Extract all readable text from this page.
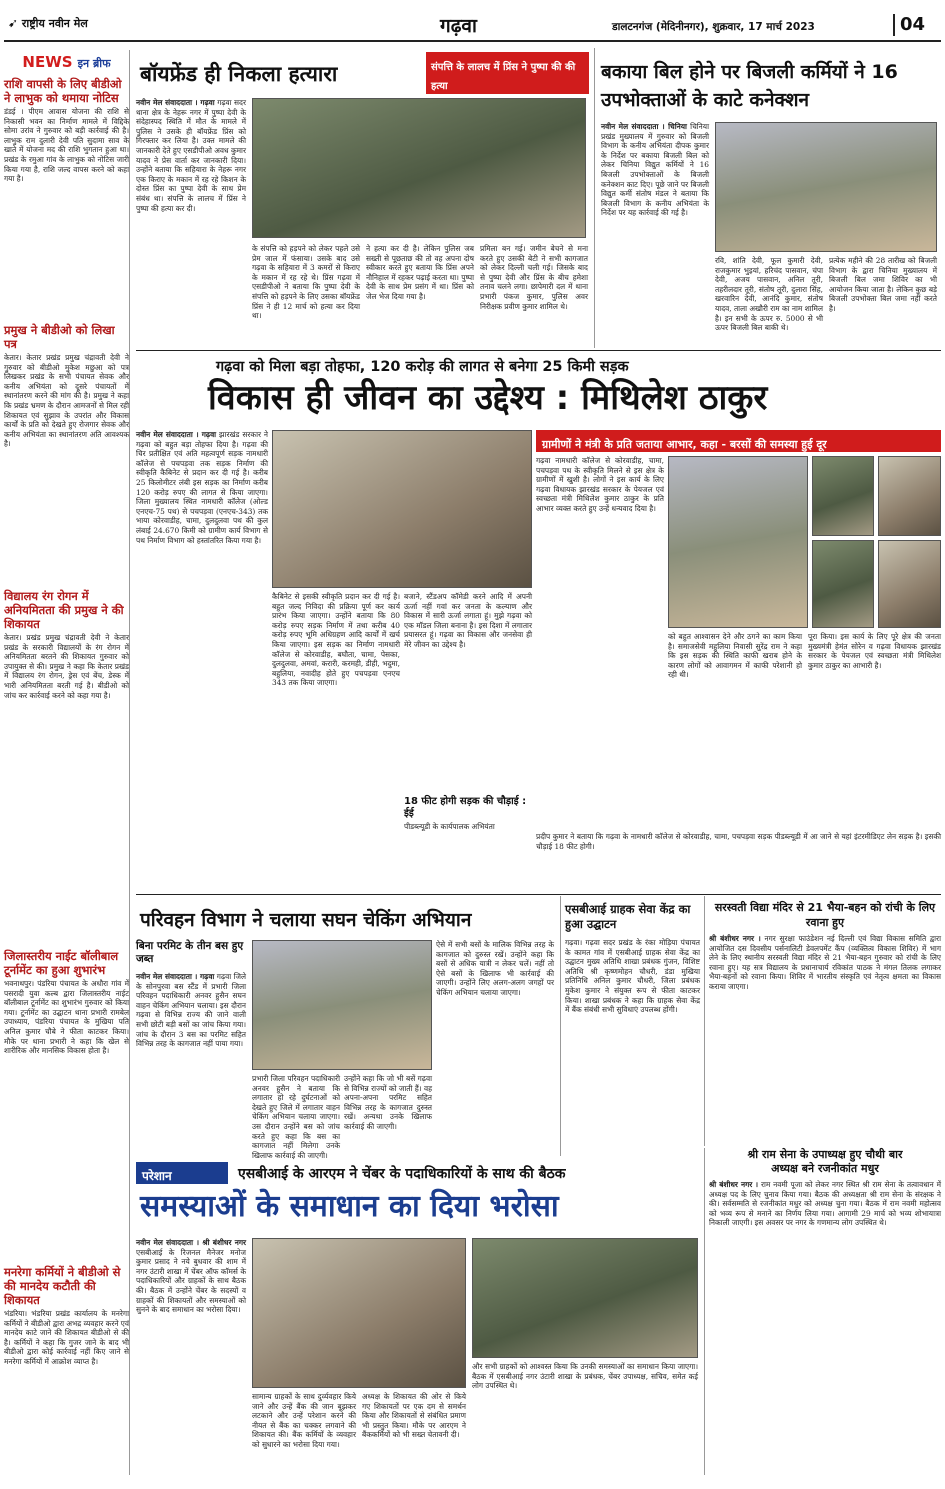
➹ राष्ट्रीय नवीन मेल	गढ़वा	डालटनगंज (मेदिनीनगर), शुक्रवार, 17 मार्च 2023	04
NEWS इन ब्रीफ
राशि वापसी के लिए बीडीओ ने लाभुक को थमाया नोटिस
डंडई । पीएम आवास योजना की राशि से निकासी भवन का निर्माण मामले में विद्दिके सोमा उरांव ने गुरुवार को बड़ी कार्रवाई की है। लाभुक राम दुलारी देवी पति सुदामा साव के खाते में योजना मद की राशि भुगतान हुआ था। प्रखंड के रमुआ गांव के लाभुक को नोटिस जारी किया गया है, राशि जल्द वापस करने को कहा गया है।
प्रमुख ने बीडीओ को लिखा पत्र
केतार। केतार प्रखंड प्रमुख चंद्रावती देवी ने गुरुवार को बीडीओ मुकेश मछुआ को पत्र लिखकर प्रखंड के सभी पंचायत सेवक और कनीय अभियंता को दूसरे पंचायतों में स्थानांतरण करने की मांग की है। प्रमुख ने कहा कि प्रखंड भ्रमण के दौरान आमजनों से मिल रही शिकायत एवं सुझाव के उपरांत और विकास कार्यों के प्रति को देखते हुए रोजगार सेवक और कनीय अभियंता का स्थानांतरण अति आवश्यक है।
विद्यालय रंग रोगन में अनियमितता की प्रमुख ने की शिकायत
केतार। प्रखंड प्रमुख चंद्रावती देवी ने केतार प्रखंड के सरकारी विद्यालयों के रंग रोगन में अनियमितता बरतने की शिकायत गुरुवार को उपायुक्त से की। प्रमुख ने कहा कि केतार प्रखंड में विद्यालय रंग रोगन, ड्रेस एवं बेंच, डेस्क में भारी अनियमितता बरती गई है। बीडीओ को जांच कर कार्रवाई करने को कहा गया है।
जिलास्तरीय नाईट बॉलीबाल टूर्नामेंट का हुआ शुभारंभ
भवनाथपुर। पंडरिया पंचायत के अधौरा गांव में पसरादी युवा कल्ब द्वारा जिलास्तरीय नाईट बॉलीबाल टूर्नामेंट का शुभारंभ गुरुवार को किया गया। टूर्नामेंट का उद्घाटन थाना प्रभारी रामबेल उपाध्याय, पंडरिया पंचायत के मुखिया पति अनिल कुमार चौबे ने फीता काटकर किया। मौके पर थाना प्रभारी ने कहा कि खेल से शारीरिक और मानसिक विकास होता है।
मनरेगा कर्मियों ने बीडीओ से की मानदेय कटौती की शिकायत
भंडरिया। भंडरिया प्रखंड कार्यालय के मनरेगा कर्मियों ने बीडीओ द्वारा अभद्र व्यवहार करने एवं मानदेय काटे जाने की शिकायत बीडीओ से की है। कर्मियों ने कहा कि गुजर जाने के बाद भी बीडीओ द्वारा कोई कार्रवाई नहीं किए जाने से मनरेगा कर्मियों में आक्रोश व्याप्त है।
बॉयफ्रेंड ही निकला हत्यारा	संपत्ति के लालच में प्रिंस ने पुष्पा की की हत्या
नवीन मेल संवाददाता । गढ़वा गढ़वा सदर थाना क्षेत्र के नेहरू नगर में पुष्पा देवी के संदेहास्पद स्थिति में मौत के मामले में पुलिस ने उसके ही बॉयफ्रेंड प्रिंस को गिरफ्तार कर लिया है। उक्त मामले की जानकारी देते हुए एसडीपीओ अवध कुमार यादव ने प्रेस वार्ता कर जानकारी दिया। उन्होंने बताया कि सहियारा के नेहरू नगर एक किराए के मकान में रह रहे किशन के दोस्त प्रिंस का पुष्पा देवी के साथ प्रेम संबंध था। संपत्ति के लालच में प्रिंस ने पुष्पा की हत्या कर दी।
के संपत्ति को हड़पने को लेकर पहले उसे प्रेम जाल में फंसाया। उसके बाद उसे गढ़वा के सहियारा में 3 कमरों से किराए के मकान में रह रहे थे। प्रिंस गढ़वा में एसडीपीओ ने बताया कि पुष्पा देवी के संपत्ति को हड़पने के लिए उसका बॉयफ्रेंड प्रिंस ने ही 12 मार्च को हत्या कर दिया था।
ने हत्या कर दी है। लेकिन पुलिस जब सख्ती से पूछताछ की तो वह अपना दोष स्वीकार करते हुए बताया कि प्रिंस अपने नौनिहाल में रहकर पढ़ाई करता था। पुष्पा देवी के साथ प्रेम प्रसंग में था। प्रिंस को जेल भेज दिया गया है।
प्रमिला बन गई। जमीन बेचने से मना करते हुए उसकी बेटी ने सभी कागजात को लेकर दिल्ली चली गई। जिसके बाद से पुष्पा देवी और प्रिंस के बीच हमेशा तनाव चलने लगा। छापेमारी दल में थाना प्रभारी पंकज कुमार, पुलिस अवर निरीक्षक प्रवीण कुमार शामिल थे।
बकाया बिल होने पर बिजली कर्मियों ने 16 उपभोक्ताओं के काटे कनेक्शन
नवीन मेल संवाददाता । चिनिया चिनिया प्रखंड मुख्यालय में गुरुवार को बिजली विभाग के कनीय अभियंता दीपक कुमार के निर्देश पर बकाया बिजली बिल को लेकर चिनिया विद्युत कर्मियों ने 16 बिजली उपभोक्ताओं के बिजली कनेक्शन काट दिए। पूछे जाने पर बिजली विद्युत कर्मी संतोष मंडल ने बताया कि बिजली विभाग के कनीय अभियंता के निर्देश पर यह कार्रवाई की गई है।
रवि, शांति देवी, फूल कुमारी देवी, राजकुमार भुइयां, हरिचंद पासवान, चंपा देवी, अजय पासवान, अनिल तूरी, तहरीलदार तूरी, संतोष तूरी, दुलारा सिंह, खरवारिन देवी, आनंदि कुमार, संतोष यादव, ताला अखौरी राम का नाम शामिल है। इन सभी के ऊपर रु. 5000 से भी ऊपर बिजली बिल बाकी थे।
प्रत्येक महीने की 28 तारीख को बिजली विभाग के द्वारा चिनिया मुख्यालय में बिजली बिल जमा शिविर का भी आयोजन किया जाता है। लेकिन कुछ बड़े बिजली उपभोक्ता बिल जमा नहीं करते है।
गढ़वा को मिला बड़ा तोहफा, 120 करोड़ की लागत से बनेगा 25 किमी सड़क
विकास ही जीवन का उद्देश्य : मिथिलेश ठाकुर
नवीन मेल संवाददाता । गढ़वा झारखंड सरकार ने गढ़वा को बहुत बड़ा तोहफा दिया है। गढ़वा की चिर प्रतीक्षित एवं अति महत्वपूर्ण सड़क नामधारी कॉलेज से पचपड़वा तक सड़क निर्माण की स्वीकृति कैबिनेट से प्रदान कर दी गई है। करीब 25 किलोमीटर लंबी इस सड़क का निर्माण करीब 120 करोड़ रुपए की लागत से किया जाएगा। जिला मुख्यालय स्थित नामधारी कॉलेज (ओल्ड एनएच-75 पथ) से पचपड़वा (एनएच-343) तक भाया कोरवाडीह, चामा, दुलदुलवा पथ की कुल लंबाई 24.670 किमी को ग्रामीण कार्य विभाग से पथ निर्माण विभाग को हस्तांतरित किया गया है।
कैबिनेट से इसकी स्वीकृति प्रदान कर दी गई है। बहुत जल्द निविदा की प्रक्रिया पूर्ण कर कार्य प्रारंभ किया जाएगा। उन्होंने बताया कि 80 करोड़ रुपए सड़क निर्माण में तथा करीब 40 करोड़ रुपए भूमि अधिग्रहण आदि कार्यों में खर्च किया जाएगा। इस सड़क का निर्माण नामधारी कॉलेज से कोरवाडीह, बघौता, चामा, पेसका, दुलदुलवा, अमवां, करारी, करमही, डीही, भदुमा, बहुलिया, नवादीह होते हुए पचपड़वा एनएच 343 तक किया जाएगा।
बजाने, स्टैंडअप कॉमेडी करने आदि में अपनी ऊर्जा नहीं गवां कर जनता के कल्याण और विकास में सारी ऊर्जा लगाता हूं। मुझे गढ़वा को एक मॉडल जिला बनाना है। इस दिशा में लगातार प्रयासरत हूं। गढ़वा का विकास और जनसेवा ही मेरे जीवन का उद्देश्य है।
18 फीट होगी सड़क की चौड़ाई : ईई
पीडब्ल्यूडी के कार्यपालक अभियंता
ग्रामीणों ने मंत्री के प्रति जताया आभार, कहा - बरसों की समस्या हुई दूर
गढ़वा नामधारी कॉलेज से कोरवाडीह, चामा, पचपड़वा पथ के स्वीकृति मिलने से इस क्षेत्र के ग्रामीणों में खुशी है। लोगों ने इस कार्य के लिए गढ़वा विधायक झारखंड सरकार के पेयजल एवं स्वच्छता मंत्री मिथिलेश कुमार ठाकुर के प्रति आभार व्यक्त करते हुए उन्हें धन्यवाद दिया है।
को बहुत आश्वासन देने और ठगने का काम किया है। समाजसेवी महुलिया निवासी सुरेंद्र राम ने कहा कि इस सड़क की स्थिति काफी खराब होने के कारण लोगों को आवागमन में काफी परेशानी हो रही थी।
पूरा किया। इस कार्य के लिए पूरे क्षेत्र की जनता मुख्यमंत्री हेमंत सोरेन व गढ़वा विधायक झारखंड सरकार के पेयजल एवं स्वच्छता मंत्री मिथिलेश कुमार ठाकुर का आभारी है।
प्रदीप कुमार ने बताया कि गढ़वा के नामधारी कॉलेज से कोरवाडीह, चामा, पचपड़वा सड़क पीडब्ल्यूडी में आ जाने से यहां इंटरमीडिएट लेन सड़क है। इसकी चौड़ाई 18 फीट होगी।
परिवहन विभाग ने चलाया सघन चेकिंग अभियान
बिना परमिट के तीन बस हुए जब्त
नवीन मेल संवाददाता । गढ़वा गढ़वा जिले के सोनपुरवा बस स्टैंड में प्रभारी जिला परिवहन पदाधिकारी अनवर हुसैन सघन वाहन चेकिंग अभियान चलाया। इस दौरान गढ़वा से विभिन्न राज्य की जाने वाली सभी छोटी बड़ी बसों का जांच किया गया। जांच के दौरान 3 बस का परमिट सहित विभिन्न तरह के कागजात नहीं पाया गया।
प्रभारी जिला परिवहन पदाधिकारी अनवर हुसैन ने बताया कि लगातार हो रहे दुर्घटनाओं को देखते हुए जिले में लगातार वाहन चेकिंग अभियान चलाया जाएगा। उस दौरान उन्होंने बस को जांच करते हुए कहा कि बस का कागजात नहीं मिलेगा उनके खिलाफ कार्रवाई की जाएगी।
उन्होंने कहा कि जो भी बसें गढ़वा से विभिन्न राज्यों को जाती हैं। वह अपना-अपना परमिट सहित विभिन्न तरह के कागजात दुरुस्त रखें। अन्यथा उनके खिलाफ कार्रवाई की जाएगी।
ऐसे में सभी बसों के मालिक विभिन्न तरह के कागजात को दुरुस्त रखें। उन्होंने कहा कि बसों से अधिक यात्री न लेकर चलें। नहीं तो ऐसे बसों के खिलाफ भी कार्रवाई की जाएगी। उन्होंने लिए अलग-अलग जगहों पर चेकिंग अभियान चलाया जाएगा।
एसबीआई ग्राहक सेवा केंद्र का हुआ उद्घाटन
गढ़वा। गढ़वा सदर प्रखंड के रंका मोड़िया पंचायत के कामत गांव में एसबीआई ग्राहक सेवा केंद्र का उद्घाटन मुख्य अतिथि शाखा प्रबंधक गुंजन, विशिष्ट अतिथि श्री कृष्णमोहन चौधरी, डंडा मुखिया प्रतिनिधि अनिल कुमार चौधरी, जिला प्रबंधक मुकेश कुमार ने संयुक्त रूप से फीता काटकर किया। शाखा प्रबंधक ने कहा कि ग्राहक सेवा केंद्र में बैंक संबंधी सभी सुविधाएं उपलब्ध होंगी।
सरस्वती विद्या मंदिर से 21 भैया-बहन को रांची के लिए रवाना हुए
श्री बंशीधर नगर । नगर सुरक्षा फाउंडेशन नई दिल्ली एवं विद्या विकास समिति द्वारा आयोजित दस दिवसीय पर्सनालिटी डेवलपमेंट कैंप (व्यक्तित्व विकास शिविर) में भाग लेने के लिए स्थानीय सरस्वती विद्या मंदिर से 21 भैया-बहन गुरुवार को रांची के लिए रवाना हुए। यह सत्र विद्यालय के प्रधानाचार्य रविकांत पाठक ने मंगल तिलक लगाकर भैया-बहनों को रवाना किया। शिविर में भारतीय संस्कृति एवं नेतृत्व क्षमता का विकास कराया जाएगा।
श्री राम सेना के उपाध्यक्ष हुए चौथी बार
अध्यक्ष बने रजनीकांत मधुर
श्री बंशीधर नगर । राम नवमी पूजा को लेकर नगर स्थित श्री राम सेना के तत्वावधान में अध्यक्ष पद के लिए चुनाव किया गया। बैठक की अध्यक्षता श्री राम सेना के संरक्षक ने की। सर्वसम्मति से रजनीकांत मधुर को अध्यक्ष चुना गया। बैठक में राम नवमी महोत्सव को भव्य रूप से मनाने का निर्णय लिया गया। आगामी 29 मार्च को भव्य शोभायात्रा निकाली जाएगी। इस अवसर पर नगर के गणमान्य लोग उपस्थित थे।
परेशान	एसबीआई के आरएम ने चेंबर के पदाधिकारियों के साथ की बैठक
समस्याओं के समाधान का दिया भरोसा
नवीन मेल संवाददाता । श्री बंशीधर नगर एसबीआई के रिजनल मैनेजर मनोज कुमार प्रसाद ने नये बुधवार की शाम में नगर उंटारी शाखा में चेंबर ऑफ कॉमर्स के पदाधिकारियों और ग्राहकों के साथ बैठक की। बैठक में उन्होंने चेंबर के सदस्यों व ग्राहकों की शिकायतों और समस्याओं को सुनने के बाद समाधान का भरोसा दिया।
सामान्य ग्राहकों के साथ दुर्व्यवहार किये जाने और उन्हें बैंक की जान बूझकर लटकाने और उन्हें परेशान करने की नीयत से बैंक का चक्कर लगवाने की शिकायत की। बैंक कर्मियों के व्यवहार को सुधारने का भरोसा दिया गया।
अध्यक्ष के शिकायत की ओर से किये गए शिकायतों पर एक दम से समर्थन किया और शिकायतों से संबंधित प्रमाण भी प्रस्तुत किया। मौके पर आरएम ने बैंककर्मियों को भी सख्त चेतावनी दी।
और सभी ग्राहकों को आश्वस्त किया कि उनकी समस्याओं का समाधान किया जाएगा। बैठक में एसबीआई नगर उंटारी शाखा के प्रबंधक, चेंबर उपाध्यक्ष, सचिव, समेत कई लोग उपस्थित थे।
